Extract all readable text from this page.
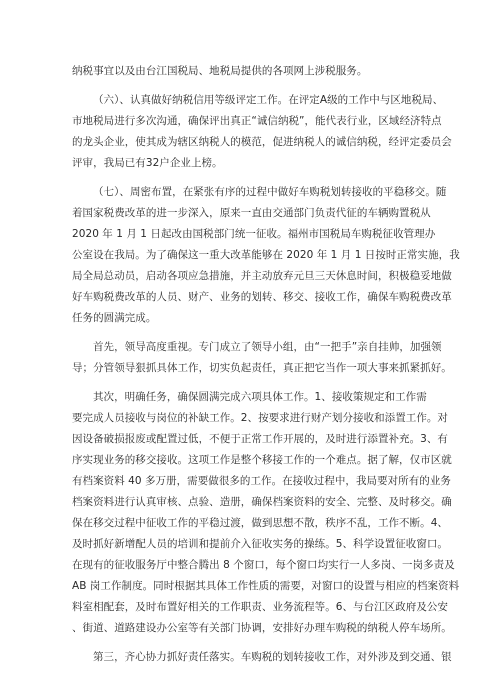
纳税事宜以及由台江国税局、地税局提供的各项网上涉税服务。
（六）、认真做好纳税信用等级评定工作。在评定A级的工作中与区地税局、
市地税局进行多次沟通，确保评出真正“诚信纳税”，能代表行业，区域经济特点
的龙头企业，使其成为辖区纳税人的模范，促进纳税人的诚信纳税，经评定委员会
评审，我局已有32户企业上榜。
（七）、周密布置，在紧张有序的过程中做好车购税划转接收的平稳移交。随
着国家税费改革的进一步深入，原来一直由交通部门负责代征的车辆购置税从
2020 年 1 月 1 日起改由国税部门统一征收。福州市国税局车购税征收管理办
公室设在我局。为了确保这一重大改革能够在 2020 年 1 月 1 日按时正常实施，我
局全局总动员，启动各项应急措施，并主动放弃元旦三天休息时间，积极稳妥地做
好车购税费改革的人员、财产、业务的划转、移交、接收工作，确保车购税费改革
任务的圆满完成。
首先，领导高度重视。专门成立了领导小组，由“一把手”亲自挂帅，加强领
导；分管领导狠抓具体工作，切实负起责任，真正把它当作一项大事来抓紧抓好。
其次，明确任务，确保圆满完成六项具体工作。1、接收策规定和工作需
要完成人员接收与岗位的补缺工作。2、按要求进行财产划分接收和添置工作。对
因设备破损报废或配置过低，不便于正常工作开展的，及时进行添置补充。3、有
序实现业务的移交接收。这项工作是整个移接工作的一个难点。据了解，仅市区就
有档案资料 40 多万册，需要做很多的工作。在接收过程中，我局要对所有的业务
档案资料进行认真审核、点验、造册，确保档案资料的安全、完整、及时移交。确
保在移交过程中征收工作的平稳过渡，做到思想不散，秩序不乱，工作不断。4、
及时抓好新增配人员的培训和提前介入征收实务的操练。5、科学设置征收窗口。
在现有的征收服务厅中整合腾出 8 个窗口，每个窗口均实行一人多岗、一岗多责及
AB 岗工作制度。同时根据其具体工作性质的需要，对窗口的设置与相应的档案资料
料室相配套，及时布置好相关的工作职责、业务流程等。6、与台江区政府及公安
、街道、道路建设办公室等有关部门协调，安排好办理车购税的纳税人停车场所。
第三，齐心协力抓好责任落实。车购税的划转接收工作，对外涉及到交通、银
